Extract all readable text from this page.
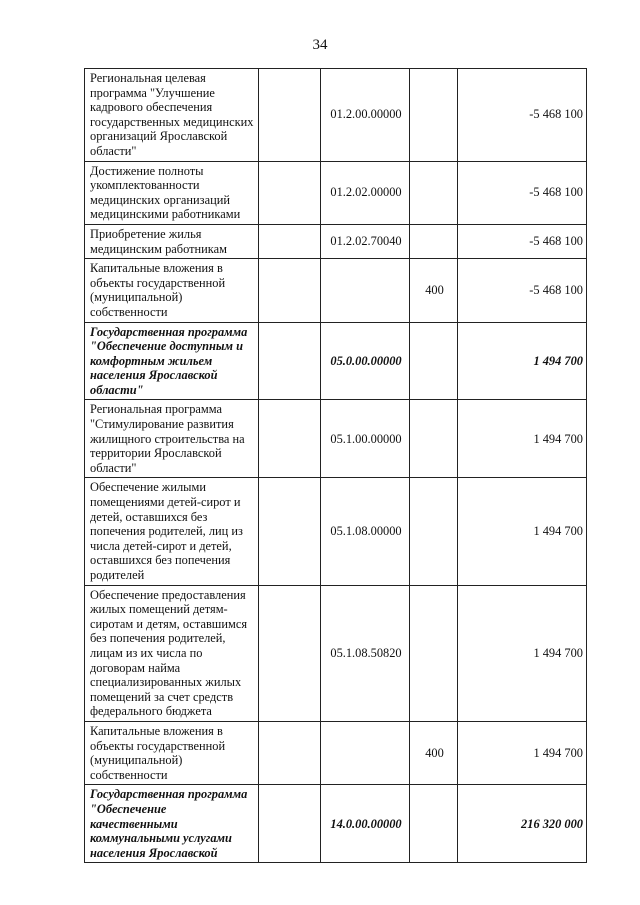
34
Региональная целевая программа "Улучшение кадрового обеспечения государственных медицинских организаций Ярославской области"		01.2.00.00000		-5 468 100
Достижение полноты укомплектованности медицинских организаций медицинскими работниками		01.2.02.00000		-5 468 100
Приобретение жилья медицинским работникам		01.2.02.70040		-5 468 100
Капитальные вложения в объекты государственной (муниципальной) собственности			400	-5 468 100
Государственная программа "Обеспечение доступным и комфортным жильем населения Ярославской области"		05.0.00.00000		1 494 700
Региональная программа "Стимулирование развития жилищного строительства на территории Ярославской области"		05.1.00.00000		1 494 700
Обеспечение жилыми помещениями детей-сирот и детей, оставшихся без попечения родителей, лиц из числа детей-сирот и детей, оставшихся без попечения родителей		05.1.08.00000		1 494 700
Обеспечение предоставления жилых помещений детям-сиротам и детям, оставшимся без попечения родителей, лицам из их числа по договорам найма специализированных жилых помещений за счет средств федерального бюджета		05.1.08.50820		1 494 700
Капитальные вложения в объекты государственной (муниципальной) собственности			400	1 494 700
Государственная программа "Обеспечение качественными коммунальными услугами населения Ярославской		14.0.00.00000		216 320 000
